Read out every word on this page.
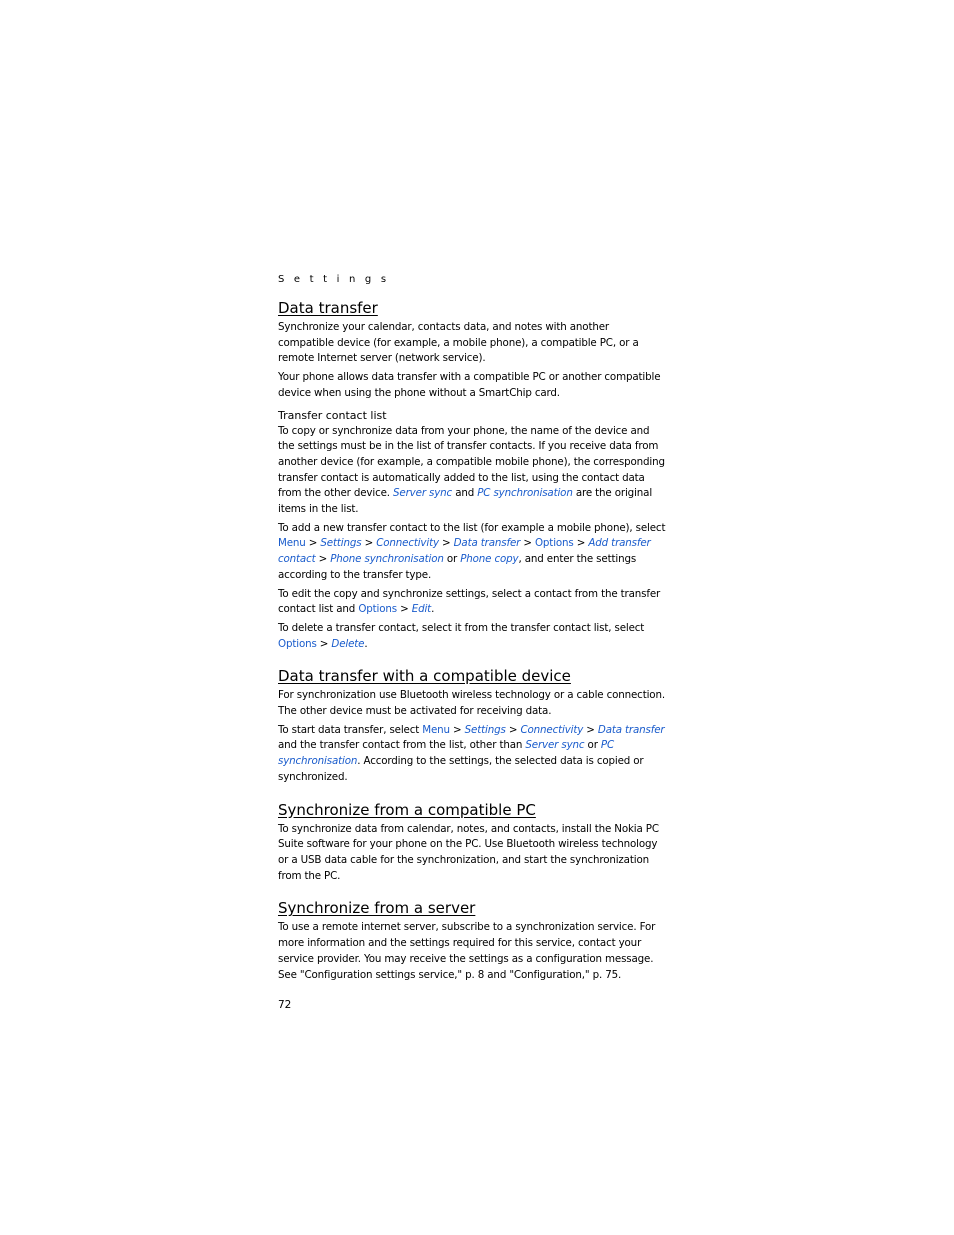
S e t t i n g s
Data transfer

Synchronize your calendar, contacts data, and notes with another compatible device (for example, a mobile phone), a compatible PC, or a remote Internet server (network service).

Your phone allows data transfer with a compatible PC or another compatible device when using the phone without a SmartChip card.

Transfer contact list

To copy or synchronize data from your phone, the name of the device and the settings must be in the list of transfer contacts. If you receive data from another device (for example, a compatible mobile phone), the corresponding transfer contact is automatically added to the list, using the contact data from the other device. Server sync and PC synchronisation are the original items in the list.

To add a new transfer contact to the list (for example a mobile phone), select Menu > Settings > Connectivity > Data transfer > Options > Add transfer contact > Phone synchronisation or Phone copy, and enter the settings according to the transfer type.

To edit the copy and synchronize settings, select a contact from the transfer contact list and Options > Edit.

To delete a transfer contact, select it from the transfer contact list, select Options > Delete.

Data transfer with a compatible device

For synchronization use Bluetooth wireless technology or a cable connection. The other device must be activated for receiving data.

To start data transfer, select Menu > Settings > Connectivity > Data transfer and the transfer contact from the list, other than Server sync or PC synchronisation. According to the settings, the selected data is copied or synchronized.

Synchronize from a compatible PC

To synchronize data from calendar, notes, and contacts, install the Nokia PC Suite software for your phone on the PC. Use Bluetooth wireless technology or a USB data cable for the synchronization, and start the synchronization from the PC.

Synchronize from a server

To use a remote internet server, subscribe to a synchronization service. For more information and the settings required for this service, contact your service provider. You may receive the settings as a configuration message. See "Configuration settings service," p. 8 and "Configuration," p. 75.

72
